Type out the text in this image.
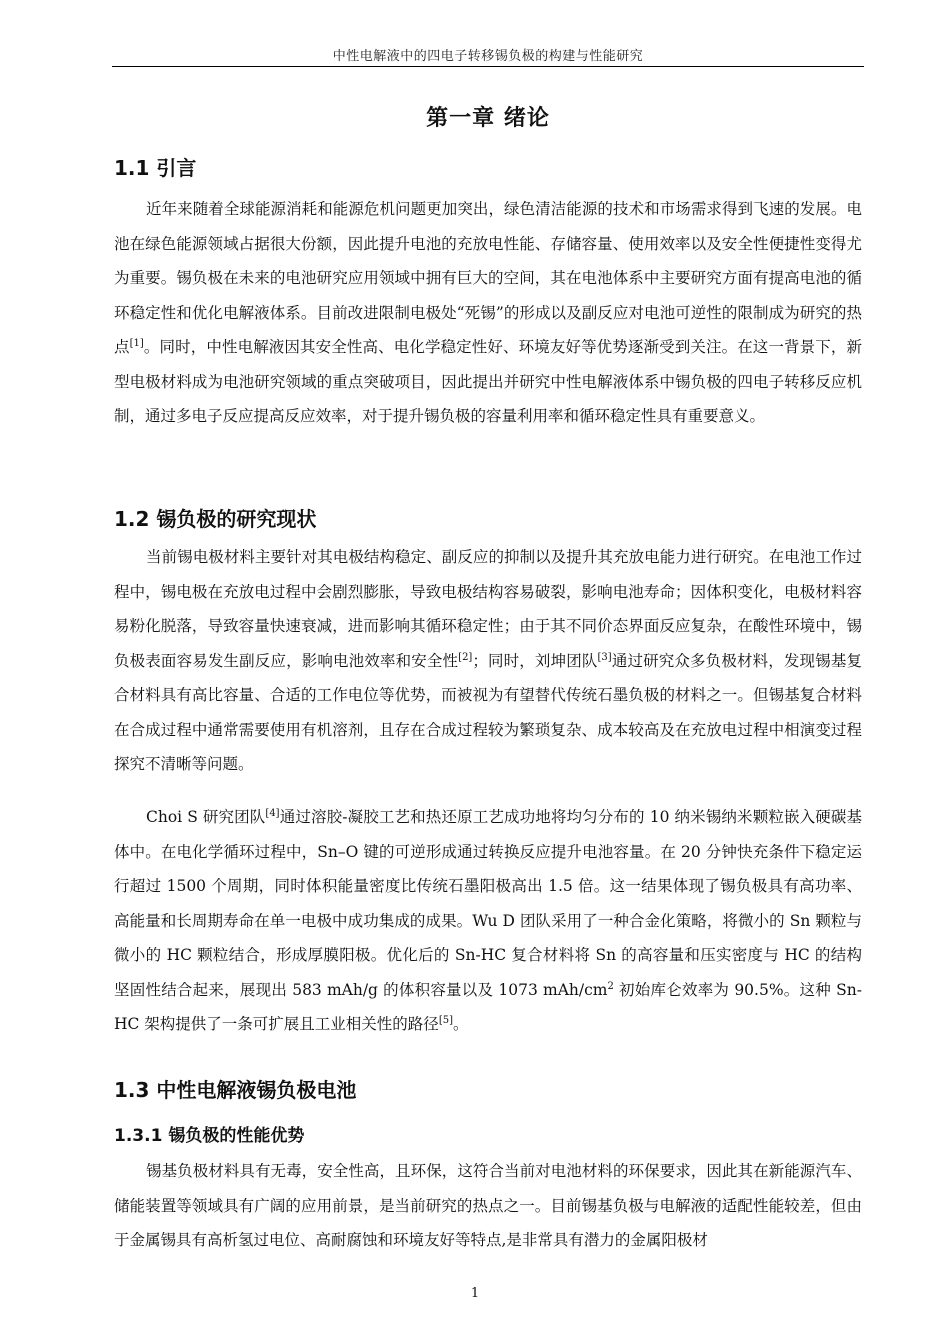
中性电解液中的四电子转移锡负极的构建与性能研究
第一章 绪论
1.1 引言
近年来随着全球能源消耗和能源危机问题更加突出，绿色清洁能源的技术和市场需求得到飞速的发展。电池在绿色能源领域占据很大份额，因此提升电池的充放电性能、存储容量、使用效率以及安全性便捷性变得尤为重要。锡负极在未来的电池研究应用领域中拥有巨大的空间，其在电池体系中主要研究方面有提高电池的循环稳定性和优化电解液体系。目前改进限制电极处“死锡”的形成以及副反应对电池可逆性的限制成为研究的热点[1]。同时，中性电解液因其安全性高、电化学稳定性好、环境友好等优势逐渐受到关注。在这一背景下，新型电极材料成为电池研究领域的重点突破项目，因此提出并研究中性电解液体系中锡负极的四电子转移反应机制，通过多电子反应提高反应效率，对于提升锡负极的容量利用率和循环稳定性具有重要意义。
1.2 锡负极的研究现状
当前锡电极材料主要针对其电极结构稳定、副反应的抑制以及提升其充放电能力进行研究。在电池工作过程中，锡电极在充放电过程中会剧烈膨胀，导致电极结构容易破裂，影响电池寿命；因体积变化，电极材料容易粉化脱落，导致容量快速衰减，进而影响其循环稳定性；由于其不同价态界面反应复杂，在酸性环境中，锡负极表面容易发生副反应，影响电池效率和安全性[2]；同时，刘坤团队[3]通过研究众多负极材料，发现锡基复合材料具有高比容量、合适的工作电位等优势，而被视为有望替代传统石墨负极的材料之一。但锡基复合材料在合成过程中通常需要使用有机溶剂，且存在合成过程较为繁琐复杂、成本较高及在充放电过程中相演变过程探究不清晰等问题。
Choi S 研究团队[4]通过溶胶-凝胶工艺和热还原工艺成功地将均匀分布的 10 纳米锡纳米颗粒嵌入硬碳基体中。在电化学循环过程中，Sn–O 键的可逆形成通过转换反应提升电池容量。在 20 分钟快充条件下稳定运行超过 1500 个周期，同时体积能量密度比传统石墨阳极高出 1.5 倍。这一结果体现了锡负极具有高功率、高能量和长周期寿命在单一电极中成功集成的成果。Wu D 团队采用了一种合金化策略，将微小的 Sn 颗粒与微小的 HC 颗粒结合，形成厚膜阳极。优化后的 Sn-HC 复合材料将 Sn 的高容量和压实密度与 HC 的结构坚固性结合起来，展现出 583 mAh/g 的体积容量以及 1073 mAh/$cm^2$ 初始库仑效率为 90.5%。这种 Sn-HC 架构提供了一条可扩展且工业相关性的路径[5]。
1.3 中性电解液锡负极电池
1.3.1 锡负极的性能优势
锡基负极材料具有无毒，安全性高，且环保，这符合当前对电池材料的环保要求，因此其在新能源汽车、储能装置等领域具有广阔的应用前景，是当前研究的热点之一。目前锡基负极与电解液的适配性能较差，但由于金属锡具有高析氢过电位、高耐腐蚀和环境友好等特点,是非常具有潜力的金属阳极材
1
